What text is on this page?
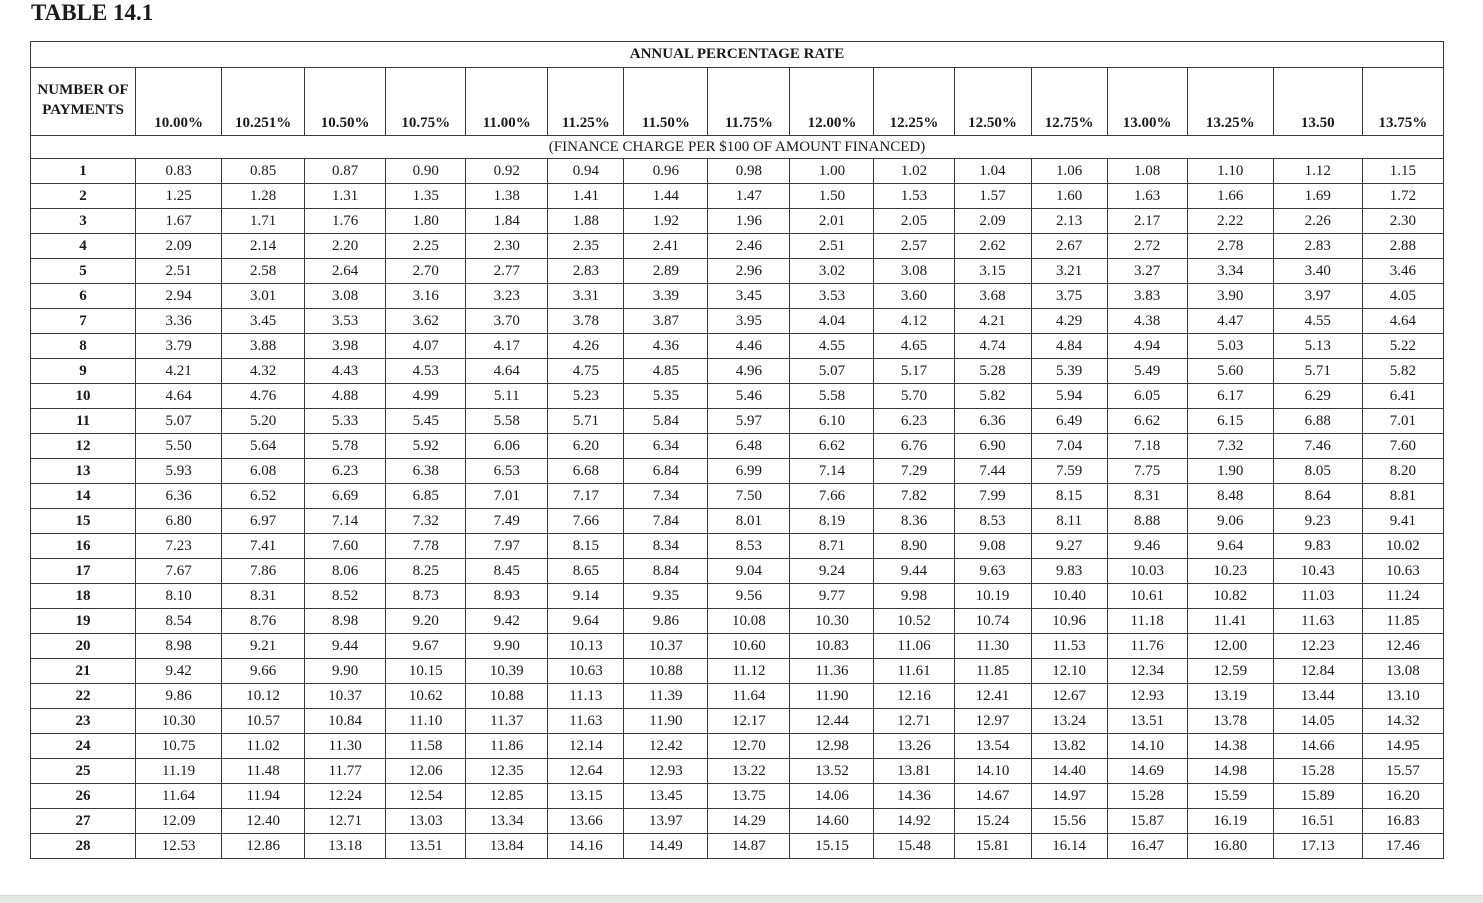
TABLE 14.1
ANNUAL PERCENTAGE RATE																
NUMBER OF PAYMENTS	10.00%	10.251%	10.50%	10.75%	11.00%	11.25%	11.50%	11.75%	12.00%	12.25%	12.50%	12.75%	13.00%	13.25%	13.50	13.75%
(FINANCE CHARGE PER $100 OF AMOUNT FINANCED)																
1	0.83	0.85	0.87	0.90	0.92	0.94	0.96	0.98	1.00	1.02	1.04	1.06	1.08	1.10	1.12	1.15
2	1.25	1.28	1.31	1.35	1.38	1.41	1.44	1.47	1.50	1.53	1.57	1.60	1.63	1.66	1.69	1.72
3	1.67	1.71	1.76	1.80	1.84	1.88	1.92	1.96	2.01	2.05	2.09	2.13	2.17	2.22	2.26	2.30
4	2.09	2.14	2.20	2.25	2.30	2.35	2.41	2.46	2.51	2.57	2.62	2.67	2.72	2.78	2.83	2.88
5	2.51	2.58	2.64	2.70	2.77	2.83	2.89	2.96	3.02	3.08	3.15	3.21	3.27	3.34	3.40	3.46
6	2.94	3.01	3.08	3.16	3.23	3.31	3.39	3.45	3.53	3.60	3.68	3.75	3.83	3.90	3.97	4.05
7	3.36	3.45	3.53	3.62	3.70	3.78	3.87	3.95	4.04	4.12	4.21	4.29	4.38	4.47	4.55	4.64
8	3.79	3.88	3.98	4.07	4.17	4.26	4.36	4.46	4.55	4.65	4.74	4.84	4.94	5.03	5.13	5.22
9	4.21	4.32	4.43	4.53	4.64	4.75	4.85	4.96	5.07	5.17	5.28	5.39	5.49	5.60	5.71	5.82
10	4.64	4.76	4.88	4.99	5.11	5.23	5.35	5.46	5.58	5.70	5.82	5.94	6.05	6.17	6.29	6.41
11	5.07	5.20	5.33	5.45	5.58	5.71	5.84	5.97	6.10	6.23	6.36	6.49	6.62	6.15	6.88	7.01
12	5.50	5.64	5.78	5.92	6.06	6.20	6.34	6.48	6.62	6.76	6.90	7.04	7.18	7.32	7.46	7.60
13	5.93	6.08	6.23	6.38	6.53	6.68	6.84	6.99	7.14	7.29	7.44	7.59	7.75	1.90	8.05	8.20
14	6.36	6.52	6.69	6.85	7.01	7.17	7.34	7.50	7.66	7.82	7.99	8.15	8.31	8.48	8.64	8.81
15	6.80	6.97	7.14	7.32	7.49	7.66	7.84	8.01	8.19	8.36	8.53	8.11	8.88	9.06	9.23	9.41
16	7.23	7.41	7.60	7.78	7.97	8.15	8.34	8.53	8.71	8.90	9.08	9.27	9.46	9.64	9.83	10.02
17	7.67	7.86	8.06	8.25	8.45	8.65	8.84	9.04	9.24	9.44	9.63	9.83	10.03	10.23	10.43	10.63
18	8.10	8.31	8.52	8.73	8.93	9.14	9.35	9.56	9.77	9.98	10.19	10.40	10.61	10.82	11.03	11.24
19	8.54	8.76	8.98	9.20	9.42	9.64	9.86	10.08	10.30	10.52	10.74	10.96	11.18	11.41	11.63	11.85
20	8.98	9.21	9.44	9.67	9.90	10.13	10.37	10.60	10.83	11.06	11.30	11.53	11.76	12.00	12.23	12.46
21	9.42	9.66	9.90	10.15	10.39	10.63	10.88	11.12	11.36	11.61	11.85	12.10	12.34	12.59	12.84	13.08
22	9.86	10.12	10.37	10.62	10.88	11.13	11.39	11.64	11.90	12.16	12.41	12.67	12.93	13.19	13.44	13.10
23	10.30	10.57	10.84	11.10	11.37	11.63	11.90	12.17	12.44	12.71	12.97	13.24	13.51	13.78	14.05	14.32
24	10.75	11.02	11.30	11.58	11.86	12.14	12.42	12.70	12.98	13.26	13.54	13.82	14.10	14.38	14.66	14.95
25	11.19	11.48	11.77	12.06	12.35	12.64	12.93	13.22	13.52	13.81	14.10	14.40	14.69	14.98	15.28	15.57
26	11.64	11.94	12.24	12.54	12.85	13.15	13.45	13.75	14.06	14.36	14.67	14.97	15.28	15.59	15.89	16.20
27	12.09	12.40	12.71	13.03	13.34	13.66	13.97	14.29	14.60	14.92	15.24	15.56	15.87	16.19	16.51	16.83
28	12.53	12.86	13.18	13.51	13.84	14.16	14.49	14.87	15.15	15.48	15.81	16.14	16.47	16.80	17.13	17.46
